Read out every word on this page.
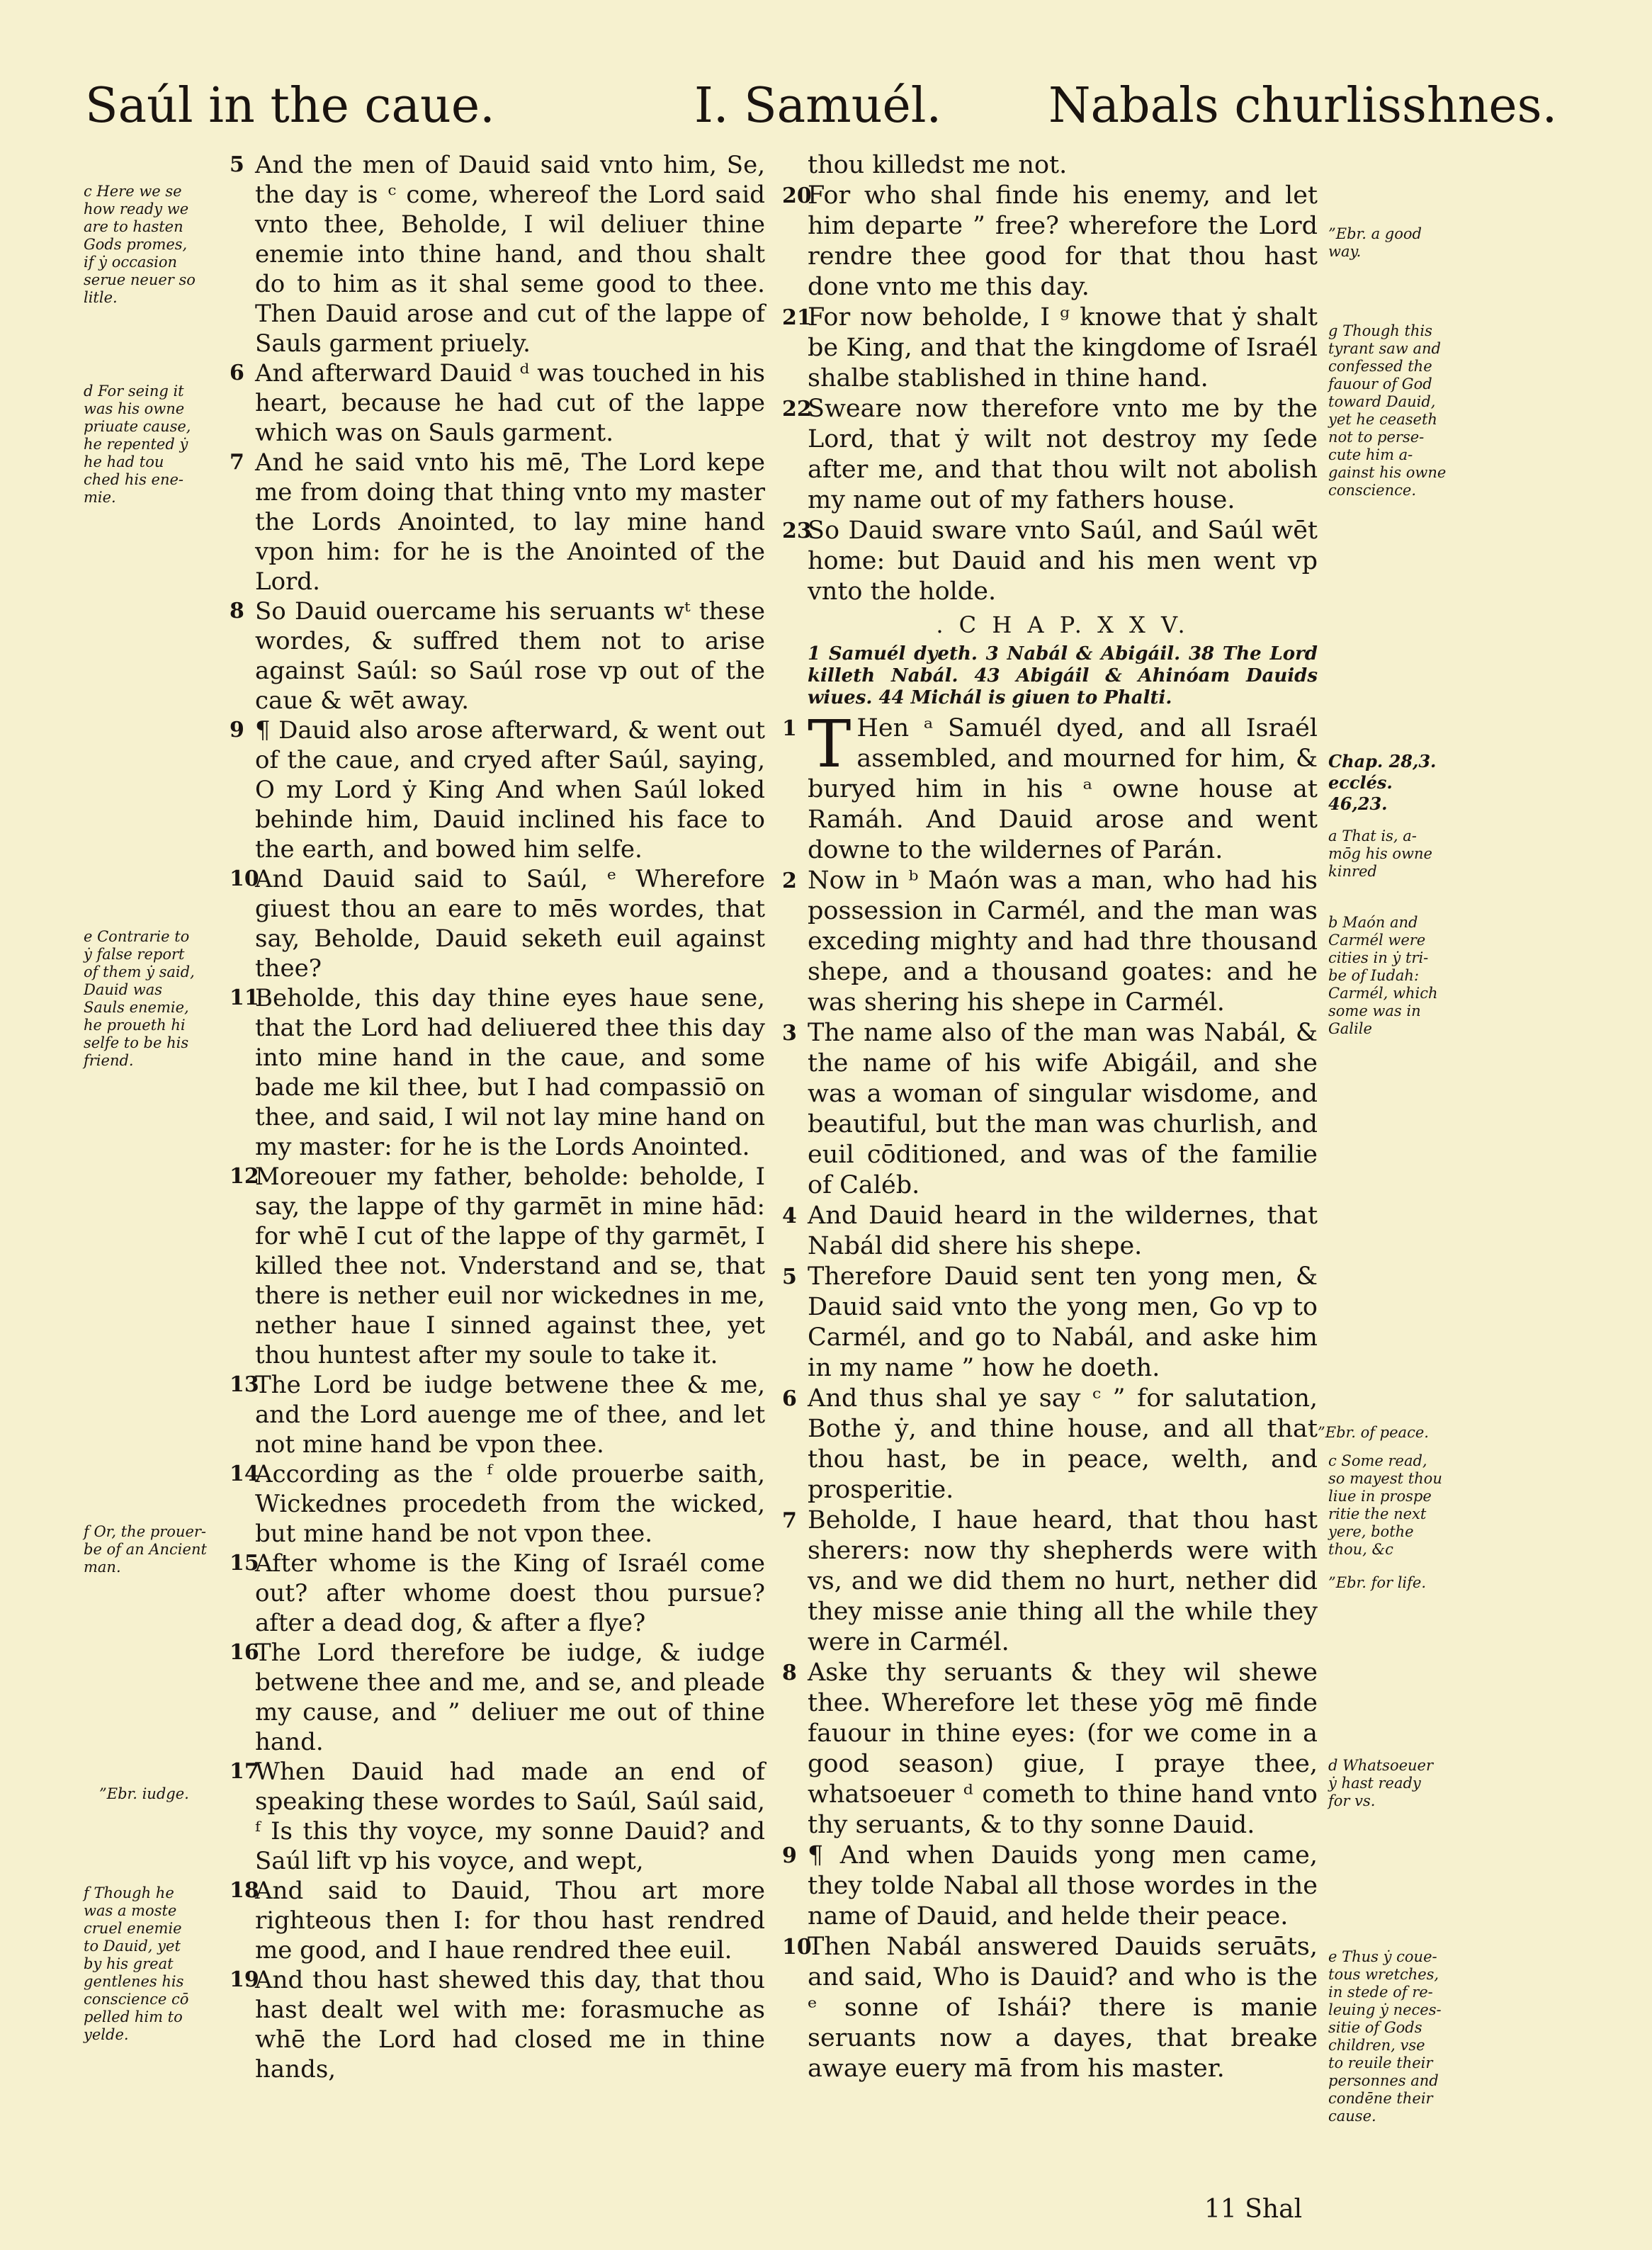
Saúl in the caue.	I. Samuél. Nabals churlisshnes.
c Here we se
how ready we
are to hasten
Gods promes,
if ẏ occasion
serue neuer so
litle.
d For seing it
was his owne
priuate cause,
he repented ẏ
he had tou
ched his ene-
mie.
e Contrarie to
ẏ false report
of them ẏ said,
Dauid was
Sauls enemie,
he proueth hi
selfe to be his
friend.
f Or, the prouer-
be of an Ancient
man.
”Ebr. iudge.
f Though he
was a moste
cruel enemie
to Dauid, yet
by his great
gentlenes his
conscience cō
pelled him to
yelde.
”Ebr. a good
way.
g Though this
tyrant saw and
confessed the
fauour of God
toward Dauid,
yet he ceaseth
not to perse-
cute him a-
gainst his owne
conscience.
Chap. 28,3.
ecclés. 46,23.
a That is, a-
mōg his owne
kinred
b Maón and
Carmél were
cities in ẏ tri-
be of Iudah:
Carmél, which
some was in
Galile
”Ebr. of peace.
c Some read,
so mayest thou
liue in prospe
ritie the next
yere, bothe
thou, &c
”Ebr. for life.
d Whatsoeuer
ẏ hast ready
for vs.
e Thus ẏ coue-
tous wretches,
in stede of re-
leuing ẏ neces-
sitie of Gods
children, vse
to reuile their
personnes and
condēne their
cause.

5 And the men of Dauid said vnto him, Se, the day is ᶜ come, whereof the Lord said vnto thee, Beholde, I wil deliuer thine enemie into thine hand, and thou shalt do to him as it shal seme good to thee. Then Dauid arose and cut of the lappe of Sauls garment priuely.

6 And afterward Dauid ᵈ was touched in his heart, because he had cut of the lappe which was on Sauls garment.

7 And he said vnto his mē, The Lord kepe me from doing that thing vnto my master the Lords Anointed, to lay mine hand vpon him: for he is the Anointed of the Lord.

8 So Dauid ouercame his seruants wᵗ these wordes, & suffred them not to arise against Saúl: so Saúl rose vp out of the caue & wēt away.

9 ¶ Dauid also arose afterward, & went out of the caue, and cryed after Saúl, saying, O my Lord ẏ King And when Saúl loked behinde him, Dauid inclined his face to the earth, and bowed him selfe.

10
And Dauid said to Saúl, ᵉ Wherefore giuest thou an eare to mēs wordes, that say, Beholde, Dauid seketh euil against thee?

11
Beholde, this day thine eyes haue sene, that the Lord had deliuered thee this day into mine hand in the caue, and some bade me kil thee, but I had compassiō on thee, and said, I wil not lay mine hand on my master: for he is the Lords Anointed.

12
Moreouer my father, beholde: beholde, I say, the lappe of thy garmēt in mine hād: for whē I cut of the lappe of thy garmēt, I killed thee not. Vnderstand and se, that there is nether euil nor wickednes in me, nether haue I sinned against thee, yet thou huntest after my soule to take it.

13
The Lord be iudge betwene thee & me, and the Lord auenge me of thee, and let not mine hand be vpon thee.

14
According as the ᶠ olde prouerbe saith, Wickednes procedeth from the wicked, but mine hand be not vpon thee.

15
After whome is the King of Israél come out? after whome doest thou pursue? after a dead dog, & after a flye?

16
The Lord therefore be iudge, & iudge betwene thee and me, and se, and pleade my cause, and ” deliuer me out of thine hand.

17
When Dauid had made an end of speaking these wordes to Saúl, Saúl said, ᶠ Is this thy voyce, my sonne Dauid? and Saúl lift vp his voyce, and wept,

18
And said to Dauid, Thou art more righteous then I: for thou hast rendred me good, and I haue rendred thee euil.

19
And thou hast shewed this day, that thou hast dealt wel with me: forasmuche as whē the Lord had closed me in thine hands,

thou killedst me not.

20
For who shal finde his enemy, and let him departe ” free? wherefore the Lord rendre thee good for that thou hast done vnto me this day.

21
For now beholde, I ᵍ knowe that ẏ shalt be King, and that the kingdome of Israél shalbe stablished in thine hand.

22
Sweare now therefore vnto me by the Lord, that ẏ wilt not destroy my ſede after me, and that thou wilt not abolish my name out of my fathers house.

23
So Dauid sware vnto Saúl, and Saúl wēt home: but Dauid and his men went vp vnto the holde.

. C H A P. X X V.
1 Samuél dyeth. 3 Nabál & Abigáil. 38 The Lord killeth Nabál. 43 Abigáil & Ahinóam Dauids wiues. 44 Michál is giuen to Phalti.

1 T Hen ᵃ Samuél dyed, and all Israél assembled, and mourned for him, & buryed him in his ᵃ owne house at Ramáh. And Dauid arose and went downe to the wildernes of Parán.

2 Now in ᵇ Maón was a man, who had his possession in Carmél, and the man was exceding mighty and had thre thousand shepe, and a thousand goates: and he was shering his shepe in Carmél.

3 The name also of the man was Nabál, & the name of his wife Abigáil, and she was a woman of singular wisdome, and beautiful, but the man was churlish, and euil cōditioned, and was of the familie of Caléb.

4 And Dauid heard in the wildernes, that Nabál did shere his shepe.

5 Therefore Dauid sent ten yong men, & Dauid said vnto the yong men, Go vp to Carmél, and go to Nabál, and aske him in my name ” how he doeth.

6 And thus shal ye say ᶜ ” for salutation, Bothe ẏ, and thine house, and all that thou hast, be in peace, welth, and prosperitie.

7 Beholde, I haue heard, that thou hast sherers: now thy shepherds were with vs, and we did them no hurt, nether did they misse anie thing all the while they were in Carmél.

8 Aske thy seruants & they wil shewe thee. Wherefore let these yōg mē finde fauour in thine eyes: (for we come in a good season) giue, I praye thee, whatsoeuer ᵈ cometh to thine hand vnto thy seruants, & to thy sonne Dauid.

9 ¶ And when Dauids yong men came, they tolde Nabal all those wordes in the name of Dauid, and helde their peace.

10
Then Nabál answered Dauids seruāts, and said, Who is Dauid? and who is the ᵉ sonne of Ishái? there is manie seruants now a dayes, that breake awaye euery mā from his master.

11 Shal
